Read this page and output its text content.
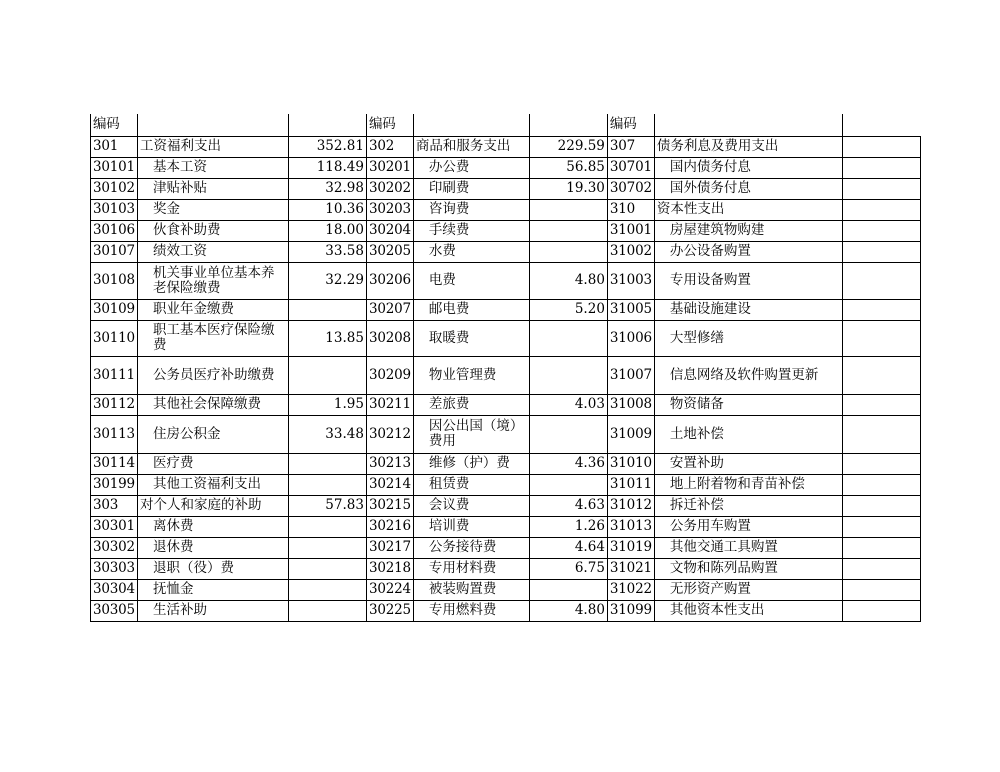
编码			编码			编码		
301	工资福利支出	352.81	302	商品和服务支出	229.59	307	债务利息及费用支出	
30101	基本工资	118.49	30201	办公费	56.85	30701	国内债务付息	
30102	津贴补贴	32.98	30202	印刷费	19.30	30702	国外债务付息	
30103	奖金	10.36	30203	咨询费		310	资本性支出	
30106	伙食补助费	18.00	30204	手续费		31001	房屋建筑物购建	
30107	绩效工资	33.58	30205	水费		31002	办公设备购置	
30108	机关事业单位基本养老保险缴费	32.29	30206	电费	4.80	31003	专用设备购置	
30109	职业年金缴费		30207	邮电费	5.20	31005	基础设施建设	
30110	职工基本医疗保险缴费	13.85	30208	取暖费		31006	大型修缮	
30111	公务员医疗补助缴费		30209	物业管理费		31007	信息网络及软件购置更新	
30112	其他社会保障缴费	1.95	30211	差旅费	4.03	31008	物资储备	
30113	住房公积金	33.48	30212	因公出国（境）费用		31009	土地补偿	
30114	医疗费		30213	维修（护）费	4.36	31010	安置补助	
30199	其他工资福利支出		30214	租赁费		31011	地上附着物和青苗补偿	
303	对个人和家庭的补助	57.83	30215	会议费	4.63	31012	拆迁补偿	
30301	离休费		30216	培训费	1.26	31013	公务用车购置	
30302	退休费		30217	公务接待费	4.64	31019	其他交通工具购置	
30303	退职（役）费		30218	专用材料费	6.75	31021	文物和陈列品购置	
30304	抚恤金		30224	被装购置费		31022	无形资产购置	
30305	生活补助		30225	专用燃料费	4.80	31099	其他资本性支出	
